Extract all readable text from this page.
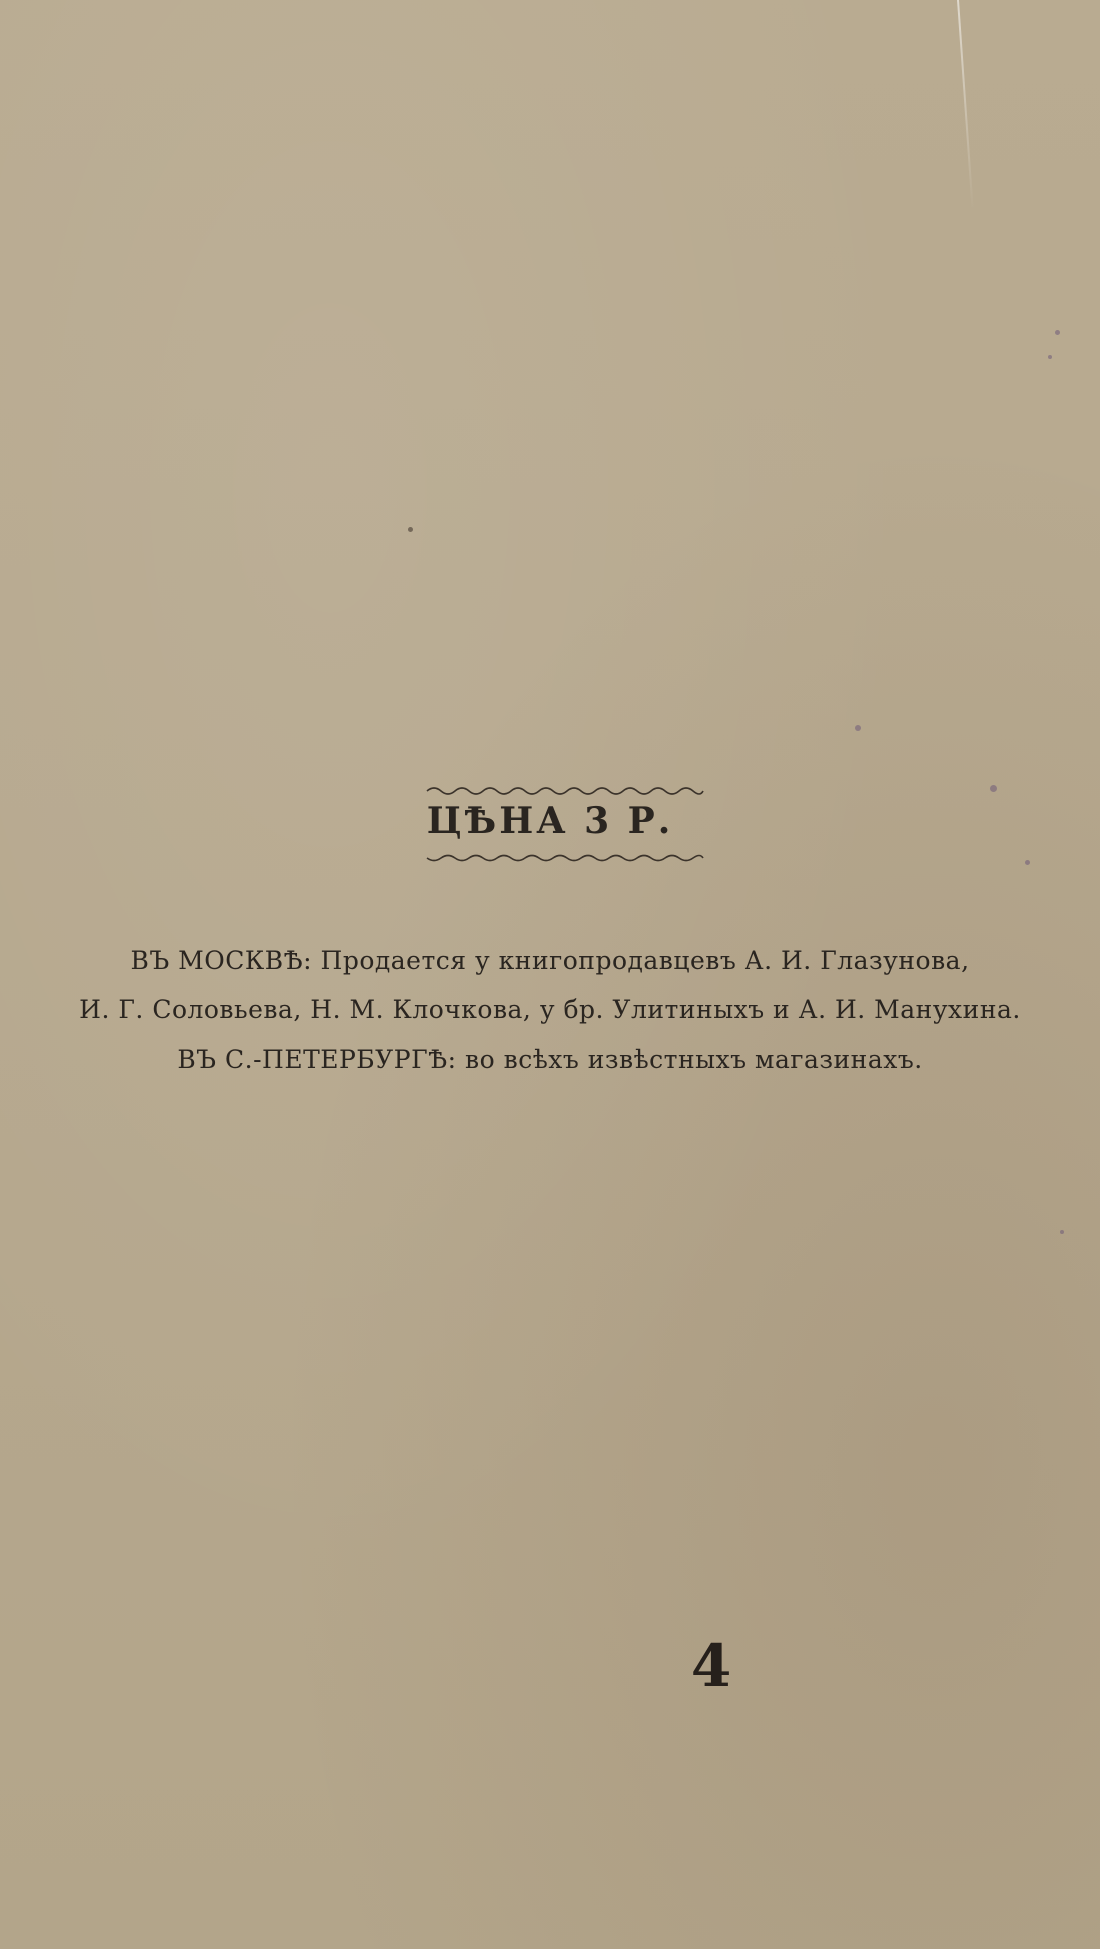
ЦѢНА 3 Р.
ВЪ МОСКВѢ: Продается у книгопродавцевъ А. И. Глазунова,
И. Г. Соловьева, Н. М. Клочкова, у бр. Улитиныхъ и А. И. Манухина.
ВЪ С.-ПЕТЕРБУРГѢ: во всѣхъ извѣстныхъ магазинахъ.
4
